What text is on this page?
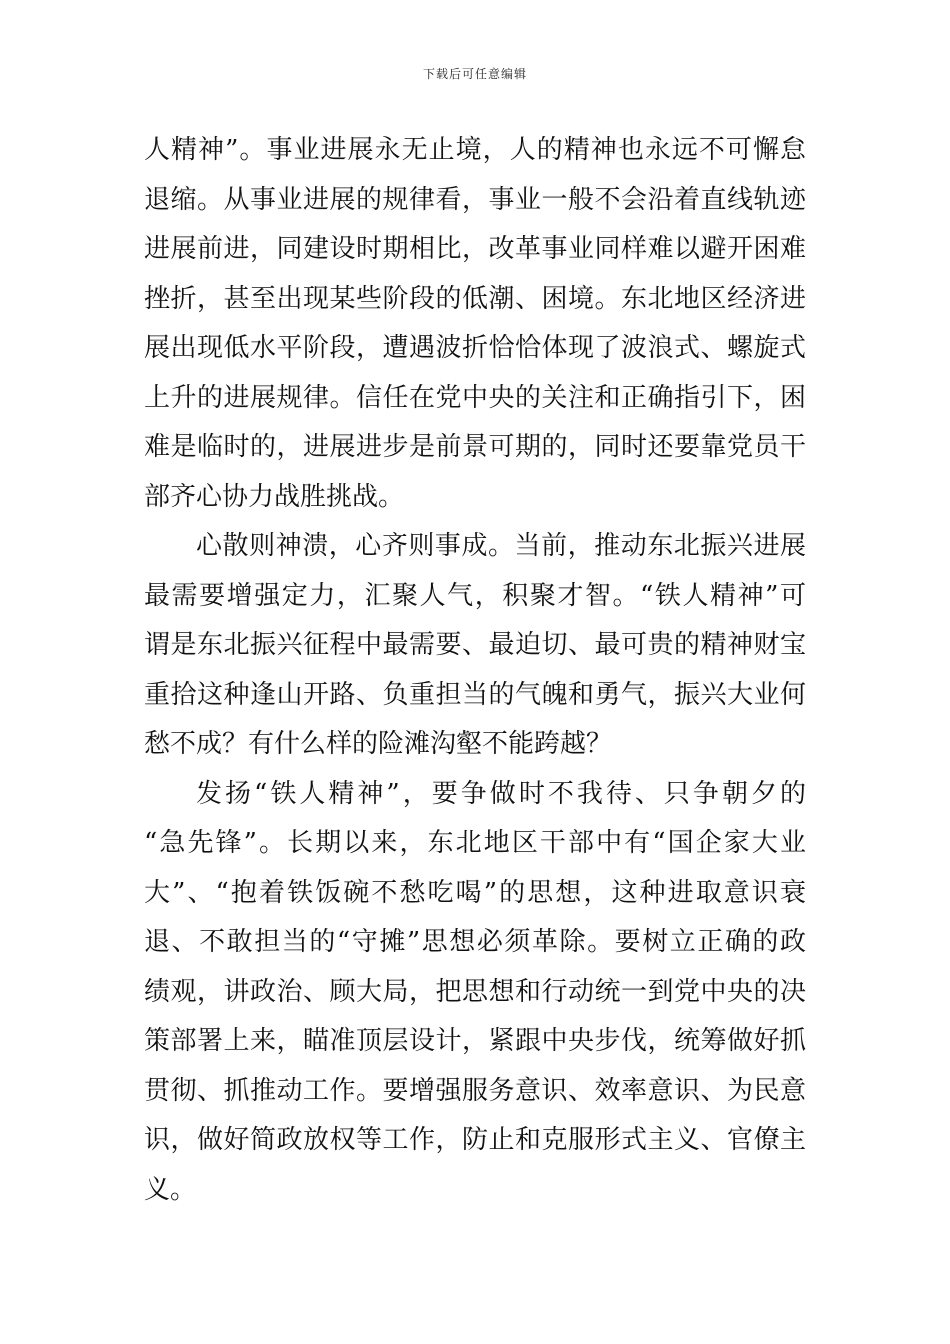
下载后可任意编辑
人精神”。事业进展永无止境，人的精神也永远不可懈怠
退缩。从事业进展的规律看，事业一般不会沿着直线轨迹
进展前进，同建设时期相比，改革事业同样难以避开困难
挫折，甚至出现某些阶段的低潮、困境。东北地区经济进
展出现低水平阶段，遭遇波折恰恰体现了波浪式、螺旋式
上升的进展规律。信任在党中央的关注和正确指引下，困
难是临时的，进展进步是前景可期的，同时还要靠党员干
部齐心协力战胜挑战。
心散则神溃，心齐则事成。当前，推动东北振兴进展
最需要增强定力，汇聚人气，积聚才智。“铁人精神”可
谓是东北振兴征程中最需要、最迫切、最可贵的精神财宝
重拾这种逢山开路、负重担当的气魄和勇气，振兴大业何
愁不成？有什么样的险滩沟壑不能跨越？
发扬“铁人精神”，要争做时不我待、只争朝夕的
“急先锋”。长期以来，东北地区干部中有“国企家大业
大”、“抱着铁饭碗不愁吃喝”的思想，这种进取意识衰
退、不敢担当的“守摊”思想必须革除。要树立正确的政
绩观，讲政治、顾大局，把思想和行动统一到党中央的决
策部署上来，瞄准顶层设计，紧跟中央步伐，统筹做好抓
贯彻、抓推动工作。要增强服务意识、效率意识、为民意
识，做好简政放权等工作，防止和克服形式主义、官僚主
义。
